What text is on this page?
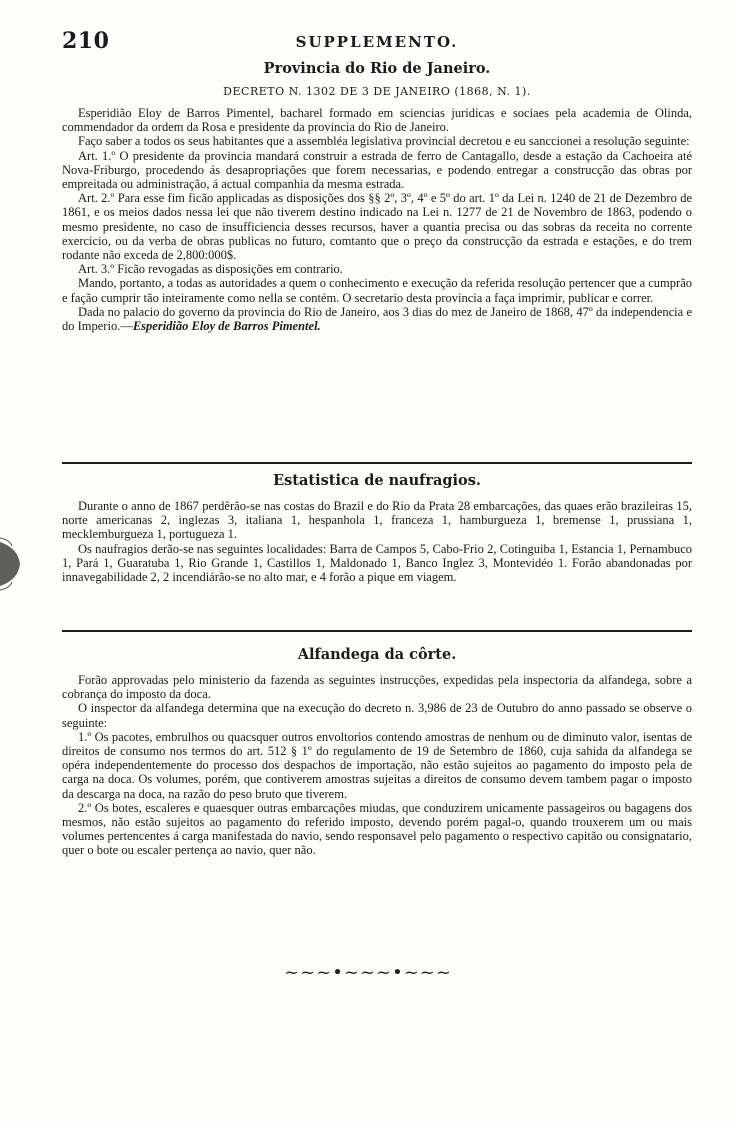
210	SUPPLEMENTO.
Provincia do Rio de Janeiro.
DECRETO N. 1302 DE 3 DE JANEIRO (1868, N. 1).

Esperidião Eloy de Barros Pimentel, bacharel formado em sciencias juridicas e sociaes pela academia de Olinda, commendador da ordem da Rosa e presidente da provincia do Rio de Janeiro.

Faço saber a todos os seus habitantes que a assembléa legislativa provincial decretou e eu sanccionei a resolução seguinte:

Art. 1.º O presidente da provincia mandará construir a estrada de ferro de Cantagallo, desde a estação da Cachoeira até Nova-Friburgo, procedendo ás desapropriações que forem necessarias, e podendo entregar a construcção das obras por empreitada ou administração, á actual companhia da mesma estrada.

Art. 2.º Para esse fim ficão applicadas as disposições dos §§ 2º, 3º, 4º e 5º do art. 1º da Lei n. 1240 de 21 de Dezembro de 1861, e os meios dados nessa lei que não tiverem destino indicado na Lei n. 1277 de 21 de Novembro de 1863, podendo o mesmo presidente, no caso de insufficiencia desses recursos, haver a quantia precisa ou das sobras da receita no corrente exercicio, ou da verba de obras publicas no futuro, comtanto que o preço da construcção da estrada e estações, e do trem rodante não exceda de 2,800:000$.

Art. 3.º Ficão revogadas as disposições em contrario.

Mando, portanto, a todas as autoridades a quem o conhecimento e execução da referida resolução pertencer que a cumprão e fação cumprir tão inteiramente como nella se contém. O secretario desta provincia a faça imprimir, publicar e correr.

Dada no palacio do governo da provincia do Rio de Janeiro, aos 3 dias do mez de Janeiro de 1868, 47º da independencia e do Imperio.—Esperidião Eloy de Barros Pimentel.

Estatistica de naufragios.

Durante o anno de 1867 perdêrão-se nas costas do Brazil e do Rio da Prata 28 embarcações, das quaes erão brazileiras 15, norte americanas 2, inglezas 3, italiana 1, hespanhola 1, franceza 1, hamburgueza 1, bremense 1, prussiana 1, mecklemburgueza 1, portugueza 1.

Os naufragios derão-se nas seguintes localidades: Barra de Campos 5, Cabo-Frio 2, Cotinguiba 1, Estancia 1, Pernambuco 1, Pará 1, Guaratuba 1, Rio Grande 1, Castillos 1, Maldonado 1, Banco Inglez 3, Montevidéo 1. Forão abandonadas por innavegabilidade 2, 2 incendiárão-se no alto mar, e 4 forão a pique em viagem.

Alfandega da côrte.

Forão approvadas pelo ministerio da fazenda as seguintes instrucções, expedidas pela inspectoria da alfandega, sobre a cobrança do imposto da doca.

O inspector da alfandega determina que na execução do decreto n. 3,986 de 23 de Outubro do anno passado se observe o seguinte:

1.º Os pacotes, embrulhos ou quacsquer outros envoltorios contendo amostras de nenhum ou de diminuto valor, isentas de direitos de consumo nos termos do art. 512 § 1º do regulamento de 19 de Setembro de 1860, cuja sahida da alfandega se opéra independentemente do processo dos despachos de importação, não estão sujeitos ao pagamento do imposto pela de carga na doca. Os volumes, porém, que contiverem amostras sujeitas a direitos de consumo devem tambem pagar o imposto da descarga na doca, na razão do peso bruto que tiverem.

2.º Os botes, escaleres e quaesquer outras embarcações miudas, que conduzirem unicamente passageiros ou bagagens dos mesmos, não estão sujeitos ao pagamento do referido imposto, devendo porém pagal-o, quando trouxerem um ou mais volumes pertencentes á carga manifestada do navio, sendo responsavel pelo pagamento o respectivo capitão ou consignatario, quer o bote ou escaler pertença ao navio, quer não.

~~~•~~~•~~~
